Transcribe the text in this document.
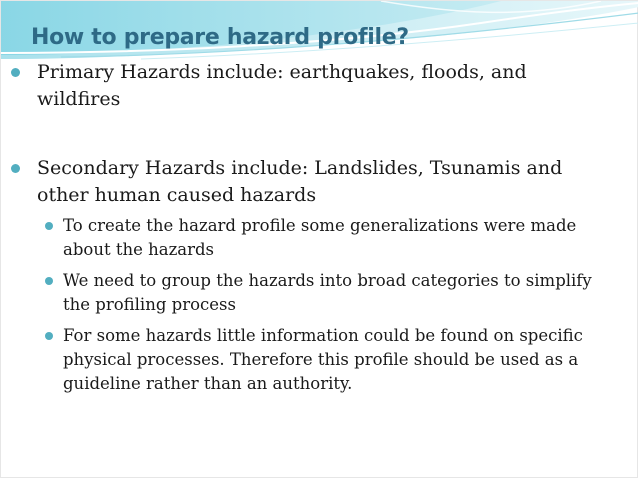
How to prepare hazard profile?
Primary Hazards include: earthquakes, floods, and wildfires
Secondary Hazards include: Landslides, Tsunamis and other human caused hazards
To create the hazard profile some generalizations were made about the hazards
We need to group the hazards into broad categories to simplify the profiling process
For some hazards little information could be found on specific physical processes. Therefore this profile should be used as a guideline rather than an authority.
